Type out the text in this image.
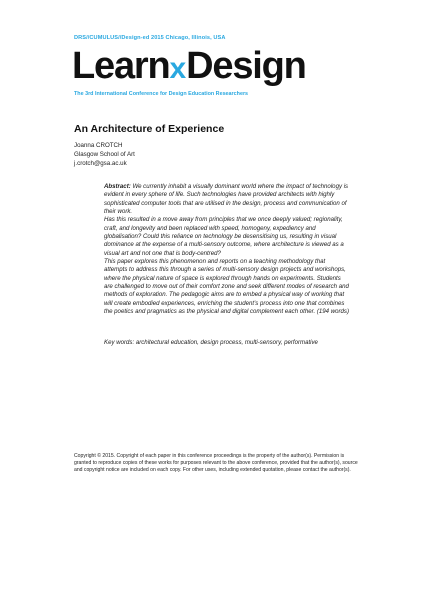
DRS//CUMULUS//Design-ed 2015 Chicago, Illinois, USA
LearnxDesign
The 3rd International Conference for Design Education Researchers
An Architecture of Experience
Joanna CROTCH
Glasgow School of Art
j.crotch@gsa.ac.uk

Abstract: We currently inhabit a visually dominant world where the impact of technology is evident in every sphere of life. Such technologies have provided architects with highly sophisticated computer tools that are utilised in the design, process and communication of their work.

Has this resulted in a move away from principles that we once deeply valued; regionality, craft, and longevity and been replaced with speed, homogeny, expediency and globalisation? Could this reliance on technology be desensitising us, resulting in visual dominance at the expense of a multi-sensory outcome, where architecture is viewed as a visual art and not one that is body-centred?

This paper explores this phenomenon and reports on a teaching methodology that attempts to address this through a series of multi-sensory design projects and workshops, where the physical nature of space is explored through hands on experiments. Students are challenged to move out of their comfort zone and seek different modes of research and methods of exploration. The pedagogic aims are to embed a physical way of working that will create embodied experiences, enriching the student’s process into one that combines the poetics and pragmatics as the physical and digital complement each other. (194 words)

Key words: architectural education, design process, multi-sensory, performative
Copyright © 2015. Copyright of each paper in this conference proceedings is the property of the author(s). Permission is granted to reproduce copies of these works for purposes relevant to the above conference, provided that the author(s), source and copyright notice are included on each copy. For other uses, including extended quotation, please contact the author(s).
